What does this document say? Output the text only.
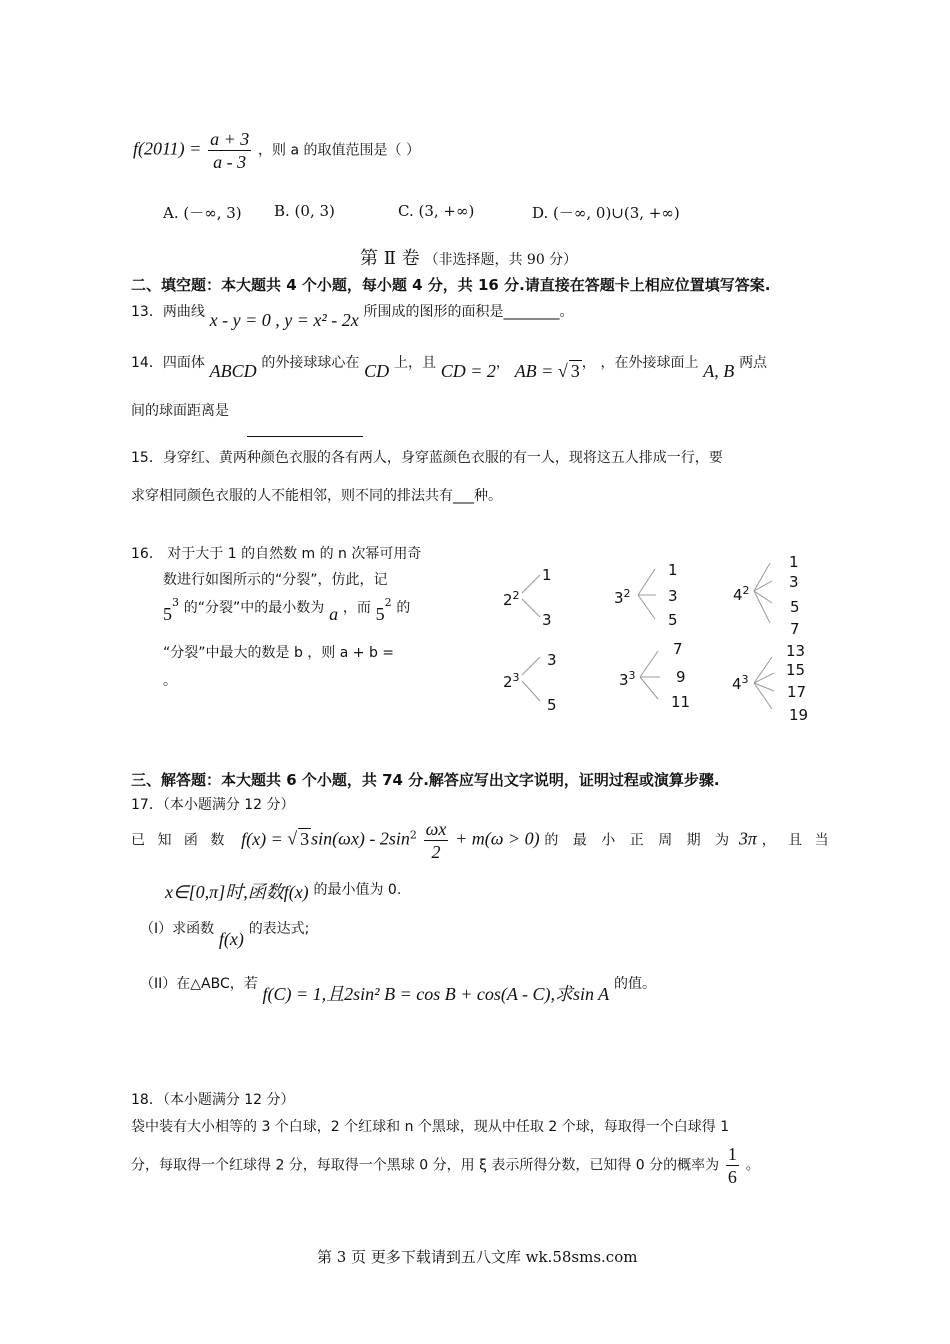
$f(2011) = \frac{a + 3}{a - 3}$ ，则 a 的取值范围是（ ）
A. (－∞, 3) B. (0, 3)	C. (3, +∞)	D. (－∞, 0)∪(3, +∞)
第 Ⅱ 卷 （非选择题，共 90 分）
二、填空题：本大题共 4 个小题，每小题 4 分，共 16 分.请直接在答题卡上相应位置填写答案.
13．两曲线 x - y = 0 , y = x² - 2x 所围成的图形的面积是________。
14．四面体 ABCD 的外接球球心在 CD 上，且 CD = 2， AB = √ 3 ， ，在外接球面上 A, B 两点
间的球面距离是
15．身穿红、黄两种颜色衣服的各有两人，身穿蓝颜色衣服的有一人，现将这五人排成一行，要
求穿相同颜色衣服的人不能相邻，则不同的排法共有___种。
16． 对于大于 1 的自然数 m 的 n 次幂可用奇
数进行如图所示的“分裂”，仿此，记
$5^3$ 的“分裂”中的最小数为 a ，而 $5^2$ 的
“分裂”中最大的数是 b ，则 a + b =
。
$2^2$
1
3
$3^2$
1
3
5
$4^2$
1
3
5
7
$2^3$
3
5
$3^3$
7
9
11
$4^3$
13
15
17
19
三、解答题：本大题共 6 个小题，共 74 分.解答应写出文字说明，证明过程或演算步骤.
17．（本小题满分 12 分）
已 知 函 数 f(x) = √ 3 $\sin(\omega x) - 2\sin^2 \frac{\omega x}{2} + m(\omega > 0)$ 的 最 小 正 周 期 为 3π ， 且 当
x∈[0,π]时,函数f(x) 的最小值为 0.
（I）求函数 f(x) 的表达式;
（II）在△ABC，若 f(C) = 1,且2sin² B = cos B + cos(A - C),求sin A 的值。
18．（本小题满分 12 分）
袋中装有大小相等的 3 个白球，2 个红球和 n 个黑球，现从中任取 2 个球，每取得一个白球得 1
分，每取得一个红球得 2 分，每取得一个黑球 0 分，用 ξ 表示所得分数，已知得 0 分的概率为 $\frac{1}{6}$ 。
第 3 页 更多下载请到五八文库 wk.58sms.com
